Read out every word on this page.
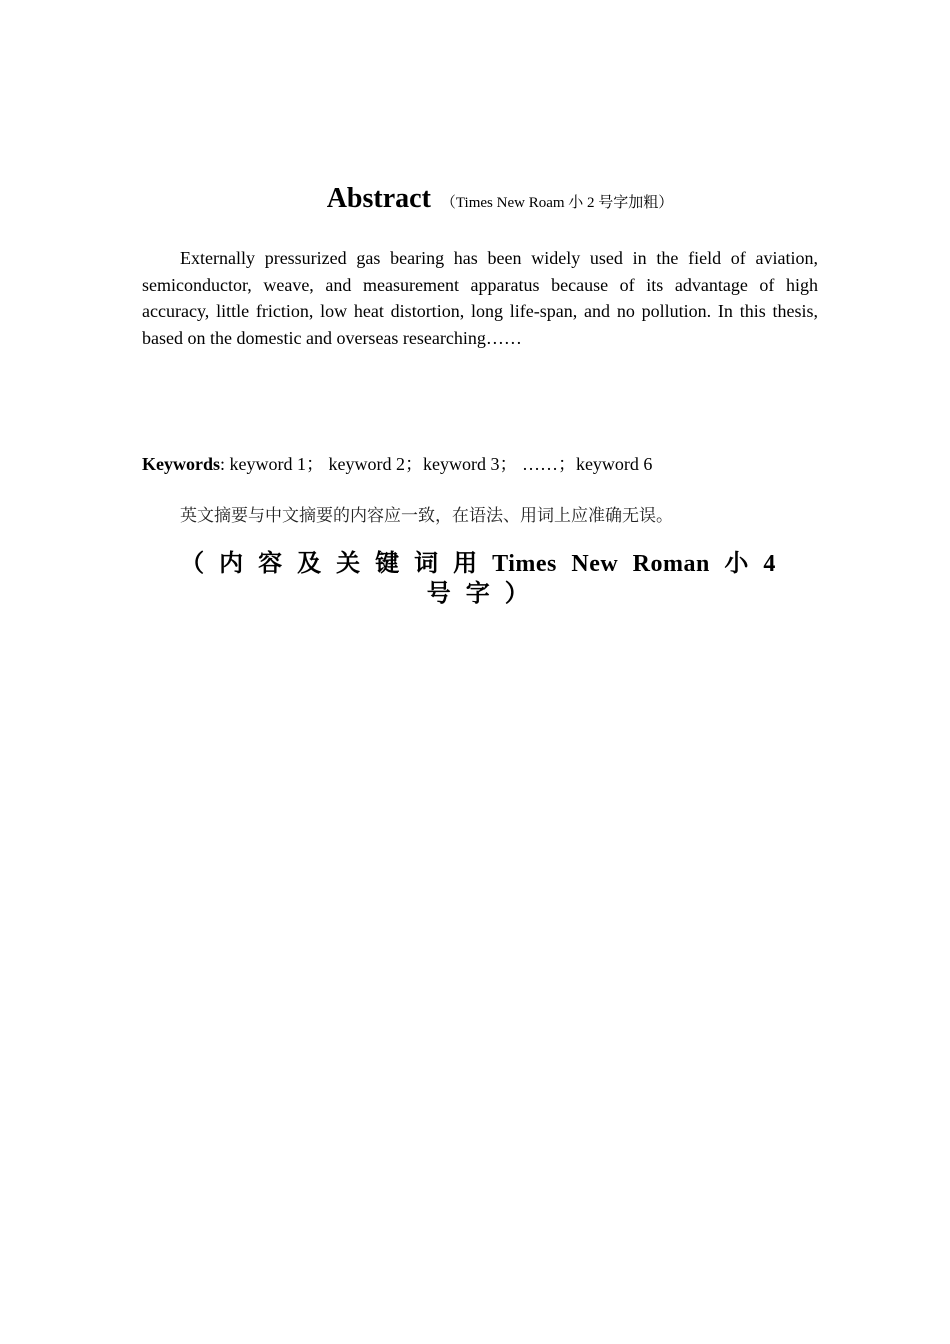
Abstract （Times New Roam 小 2 号字加粗）

Externally pressurized gas bearing has been widely used in the field of aviation, semiconductor, weave, and measurement apparatus because of its advantage of high accuracy, little friction, low heat distortion, long life-span, and no pollution. In this thesis, based on the domestic and overseas researching……

Keywords: keyword 1； keyword 2；keyword 3； ……；keyword 6
英文摘要与中文摘要的内容应一致，在语法、用词上应准确无误。
（ 内 容 及 关 键 词 用 Times New Roman 小 4 号 字 ）
